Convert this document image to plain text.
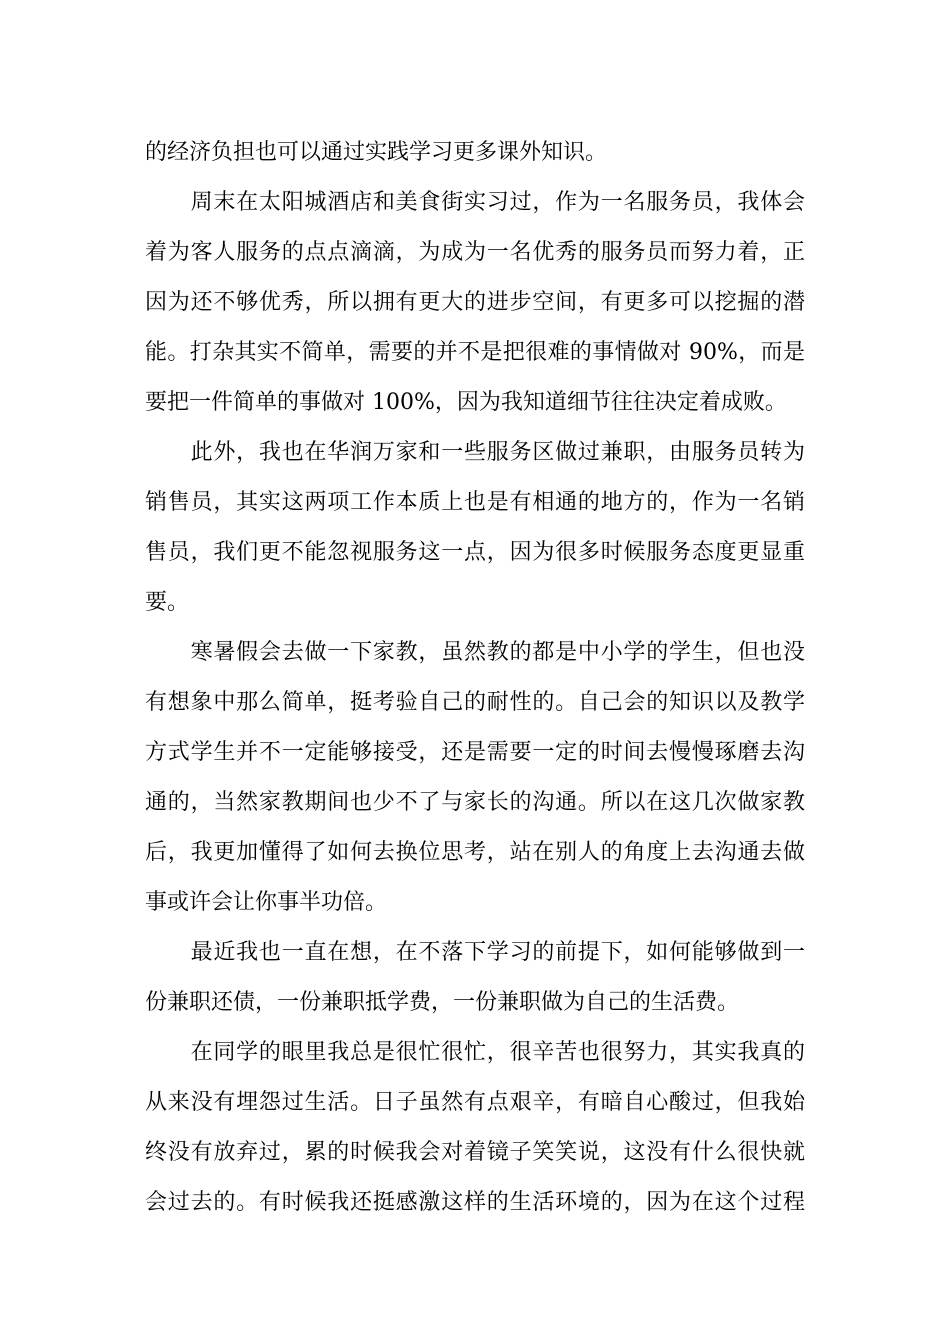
的经济负担也可以通过实践学习更多课外知识。

　　周末在太阳城酒店和美食街实习过，作为一名服务员，我体会
着为客人服务的点点滴滴，为成为一名优秀的服务员而努力着，正
因为还不够优秀，所以拥有更大的进步空间，有更多可以挖掘的潜
能。打杂其实不简单，需要的并不是把很难的事情做对 90%，而是
要把一件简单的事做对 100%，因为我知道细节往往决定着成败。

　　此外，我也在华润万家和一些服务区做过兼职，由服务员转为
销售员，其实这两项工作本质上也是有相通的地方的，作为一名销
售员，我们更不能忽视服务这一点，因为很多时候服务态度更显重
要。

　　寒暑假会去做一下家教，虽然教的都是中小学的学生，但也没
有想象中那么简单，挺考验自己的耐性的。自己会的知识以及教学
方式学生并不一定能够接受，还是需要一定的时间去慢慢琢磨去沟
通的，当然家教期间也少不了与家长的沟通。所以在这几次做家教
后，我更加懂得了如何去换位思考，站在别人的角度上去沟通去做
事或许会让你事半功倍。

　　最近我也一直在想，在不落下学习的前提下，如何能够做到一
份兼职还债，一份兼职抵学费，一份兼职做为自己的生活费。

　　在同学的眼里我总是很忙很忙，很辛苦也很努力，其实我真的
从来没有埋怨过生活。日子虽然有点艰辛，有暗自心酸过，但我始
终没有放弃过，累的时候我会对着镜子笑笑说，这没有什么很快就
会过去的。有时候我还挺感激这样的生活环境的，因为在这个过程
